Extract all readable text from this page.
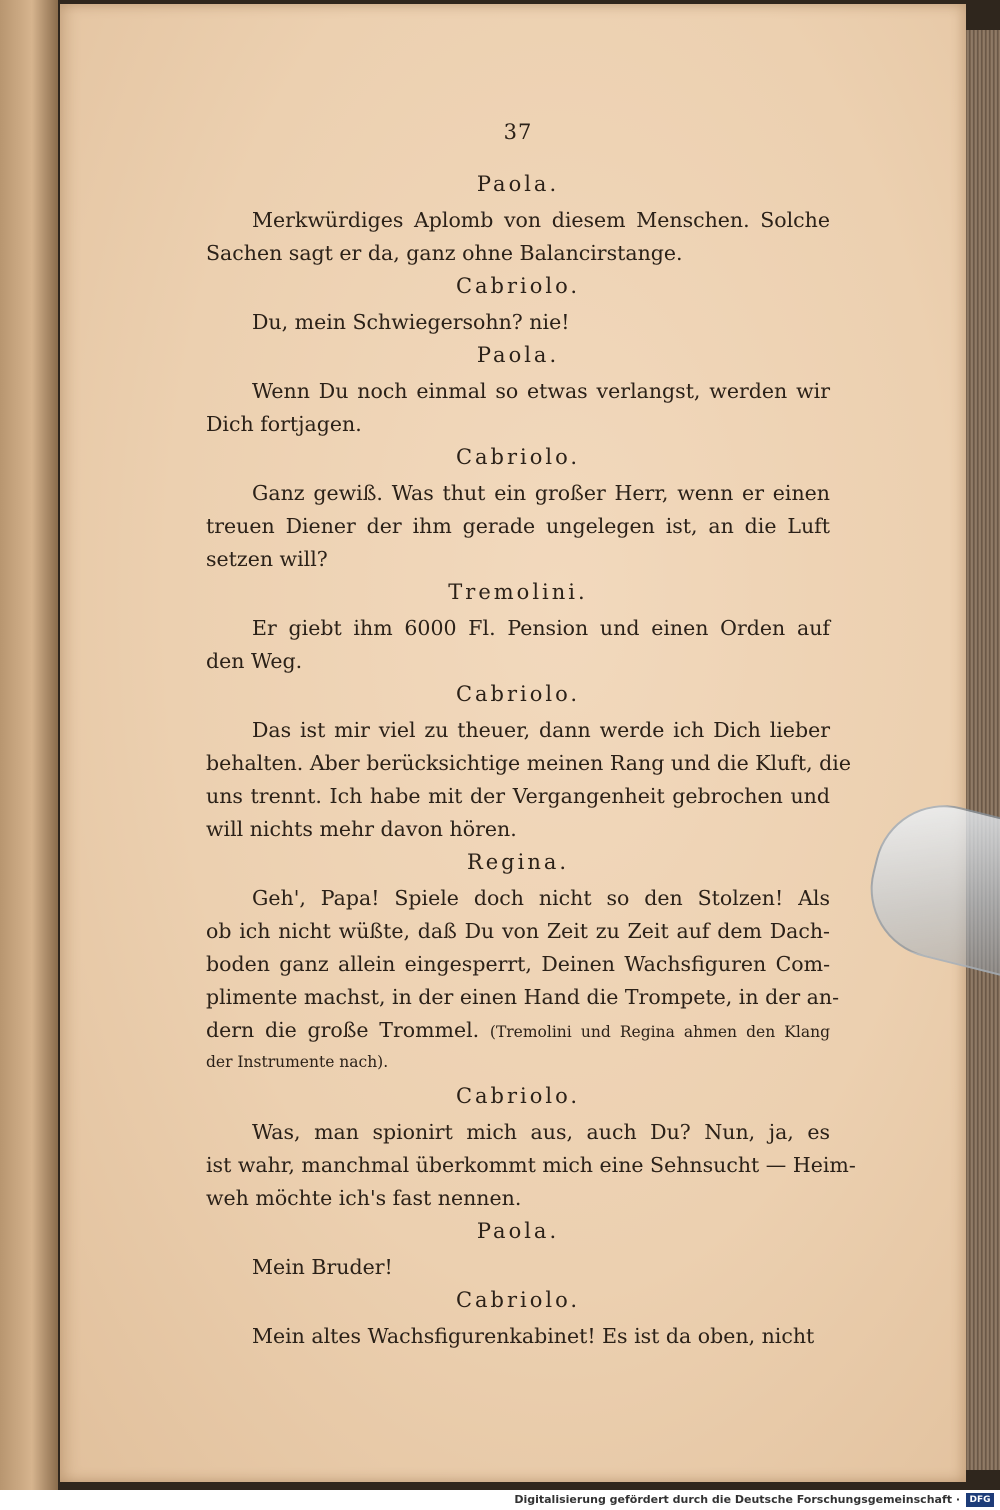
37
Paola.
Merkwürdiges Aplomb von diesem Menschen. Solche
Sachen sagt er da, ganz ohne Balancirstange.
Cabriolo.
Du, mein Schwiegersohn? nie!
Paola.
Wenn Du noch einmal so etwas verlangst, werden wir
Dich fortjagen.
Cabriolo.
Ganz gewiß. Was thut ein großer Herr, wenn er einen
treuen Diener der ihm gerade ungelegen ist, an die Luft
setzen will?
Tremolini.
Er giebt ihm 6000 Fl. Pension und einen Orden auf
den Weg.
Cabriolo.
Das ist mir viel zu theuer, dann werde ich Dich lieber
behalten. Aber berücksichtige meinen Rang und die Kluft, die
uns trennt. Ich habe mit der Vergangenheit gebrochen und
will nichts mehr davon hören.
Regina.
Geh', Papa! Spiele doch nicht so den Stolzen! Als
ob ich nicht wüßte, daß Du von Zeit zu Zeit auf dem Dach-
boden ganz allein eingesperrt, Deinen Wachsfiguren Com-
plimente machst, in der einen Hand die Trompete, in der an-
dern die große Trommel. (Tremolini und Regina ahmen den Klang
der Instrumente nach).
Cabriolo.
Was, man spionirt mich aus, auch Du? Nun, ja, es
ist wahr, manchmal überkommt mich eine Sehnsucht — Heim-
weh möchte ich's fast nennen.
Paola.
Mein Bruder!
Cabriolo.
Mein altes Wachsfigurenkabinet! Es ist da oben, nicht
Digitalisierung gefördert durch die Deutsche Forschungsgemeinschaft ·	DFG
